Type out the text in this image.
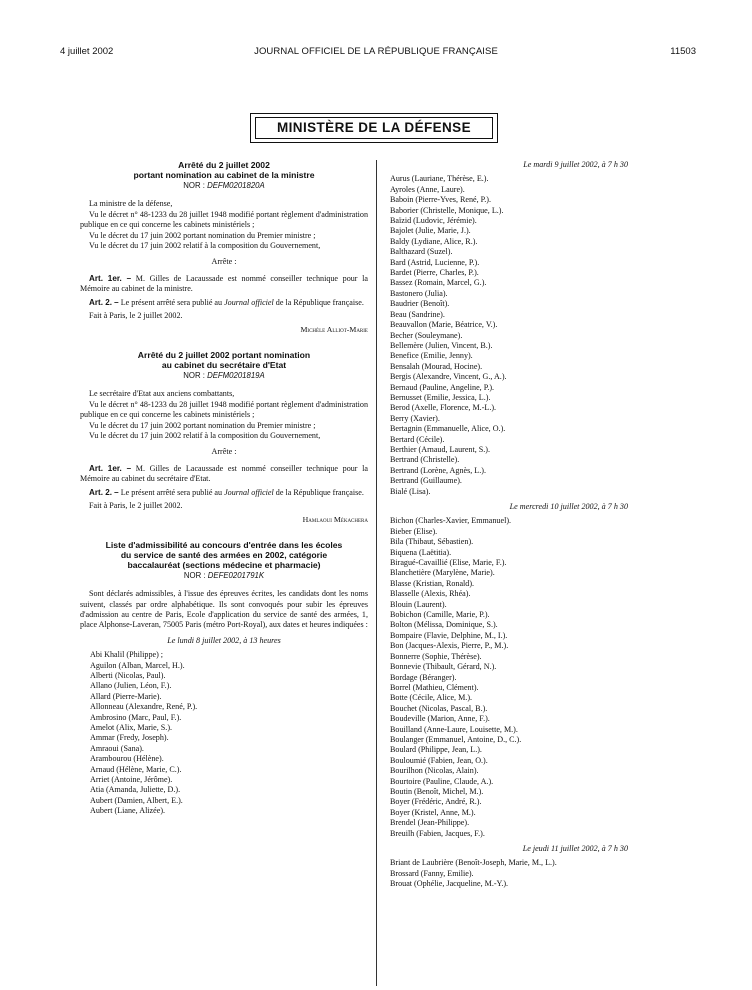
4 juillet 2002	JOURNAL OFFICIEL DE LA RÉPUBLIQUE FRANÇAISE	11503
MINISTÈRE DE LA DÉFENSE

Arrêté du 2 juillet 2002

portant nomination au cabinet de la ministre

NOR : DEFM0201820A

La ministre de la défense,

Vu le décret n° 48-1233 du 28 juillet 1948 modifié portant règlement d'administration publique en ce qui concerne les cabinets ministériels ;

Vu le décret du 17 juin 2002 portant nomination du Premier ministre ;

Vu le décret du 17 juin 2002 relatif à la composition du Gouvernement,

Arrête :

Art. 1er. – M. Gilles de Lacaussade est nommé conseiller technique pour la Mémoire au cabinet de la ministre.

Art. 2. – Le présent arrêté sera publié au Journal officiel de la République française.

Fait à Paris, le 2 juillet 2002.

Michèle Alliot-Marie

Arrêté du 2 juillet 2002 portant nomination

au cabinet du secrétaire d'Etat

NOR : DEFM0201819A

Le secrétaire d'Etat aux anciens combattants,

Vu le décret n° 48-1233 du 28 juillet 1948 modifié portant règlement d'administration publique en ce qui concerne les cabinets ministériels ;

Vu le décret du 17 juin 2002 portant nomination du Premier ministre ;

Vu le décret du 17 juin 2002 relatif à la composition du Gouvernement,

Arrête :

Art. 1er. – M. Gilles de Lacaussade est nommé conseiller technique pour la Mémoire au cabinet du secrétaire d'Etat.

Art. 2. – Le présent arrêté sera publié au Journal officiel de la République française.

Fait à Paris, le 2 juillet 2002.

Hamlaoui Mékachera

Liste d'admissibilité au concours d'entrée dans les écoles

du service de santé des armées en 2002, catégorie

baccalauréat (sections médecine et pharmacie)

NOR : DEFE0201791K

Sont déclarés admissibles, à l'issue des épreuves écrites, les candidats dont les noms suivent, classés par ordre alphabétique. Ils sont convoqués pour subir les épreuves d'admission au centre de Paris, Ecole d'application du service de santé des armées, 1, place Alphonse-Laveran, 75005 Paris (métro Port-Royal), aux dates et heures indiquées :

Le lundi 8 juillet 2002, à 13 heures

Abi Khalil (Philippe) ;
Aguilon (Alban, Marcel, H.).
Alberti (Nicolas, Paul).
Allano (Julien, Léon, F.).
Allard (Pierre-Marie).
Allonneau (Alexandre, René, P.).
Ambrosino (Marc, Paul, F.).
Amelot (Alix, Marie, S.).
Ammar (Fredy, Joseph).
Amraoui (Sana).
Arambourou (Hélène).
Arnaud (Hélène, Marie, C.).
Arriet (Antoine, Jérôme).
Atia (Amanda, Juliette, D.).
Aubert (Damien, Albert, E.).
Aubert (Liane, Alizée).

Le mardi 9 juillet 2002, à 7 h 30

Aurus (Lauriane, Thérèse, E.).
Ayroles (Anne, Laure).
Baboin (Pierre-Yves, René, P.).
Baborier (Christelle, Monique, L.).
Baïzid (Ludovic, Jérémie).
Bajolet (Julie, Marie, J.).
Baldy (Lydiane, Alice, R.).
Balthazard (Suzel).
Bard (Astrid, Lucienne, P.).
Bardet (Pierre, Charles, P.).
Bassez (Romain, Marcel, G.).
Bastonero (Julia).
Baudrier (Benoît).
Beau (Sandrine).
Beauvallon (Marie, Béatrice, V.).
Becher (Souleymane).
Bellemère (Julien, Vincent, B.).
Benefice (Emilie, Jenny).
Bensalah (Mourad, Hocine).
Bergis (Alexandre, Vincent, G., A.).
Bernaud (Pauline, Angeline, P.).
Bernusset (Emilie, Jessica, L.).
Berod (Axelle, Florence, M.-L.).
Berry (Xavier).
Bertagnin (Emmanuelle, Alice, O.).
Bertard (Cécile).
Berthier (Arnaud, Laurent, S.).
Bertrand (Christelle).
Bertrand (Lorène, Agnès, L.).
Bertrand (Guillaume).
Bialé (Lisa).

Le mercredi 10 juillet 2002, à 7 h 30

Bichon (Charles-Xavier, Emmanuel).
Bieber (Elise).
Bila (Thibaut, Sébastien).
Biquena (Laëtitia).
Biragué-Cavaillié (Elise, Marie, F.).
Blanchetière (Marylène, Marie).
Blasse (Kristian, Ronald).
Blasselle (Alexis, Rhéa).
Blouin (Laurent).
Bobichon (Camille, Marie, P.).
Bolton (Mélissa, Dominique, S.).
Bompaire (Flavie, Delphine, M., I.).
Bon (Jacques-Alexis, Pierre, P., M.).
Bonnerre (Sophie, Thérèse).
Bonnevie (Thibault, Gérard, N.).
Bordage (Béranger).
Borrel (Mathieu, Clément).
Botte (Cécile, Alice, M.).
Bouchet (Nicolas, Pascal, B.).
Boudeville (Marion, Anne, F.).
Bouilland (Anne-Laure, Louisette, M.).
Boulanger (Emmanuel, Antoine, D., C.).
Boulard (Philippe, Jean, L.).
Bouloumié (Fabien, Jean, O.).
Bourilhon (Nicolas, Alain).
Bourtoire (Pauline, Claude, A.).
Boutin (Benoît, Michel, M.).
Boyer (Frédéric, André, R.).
Boyer (Kristel, Anne, M.).
Brendel (Jean-Philippe).
Breuilh (Fabien, Jacques, F.).

Le jeudi 11 juillet 2002, à 7 h 30

Briant de Laubrière (Benoît-Joseph, Marie, M., L.).
Brossard (Fanny, Emilie).
Brouat (Ophélie, Jacqueline, M.-Y.).
